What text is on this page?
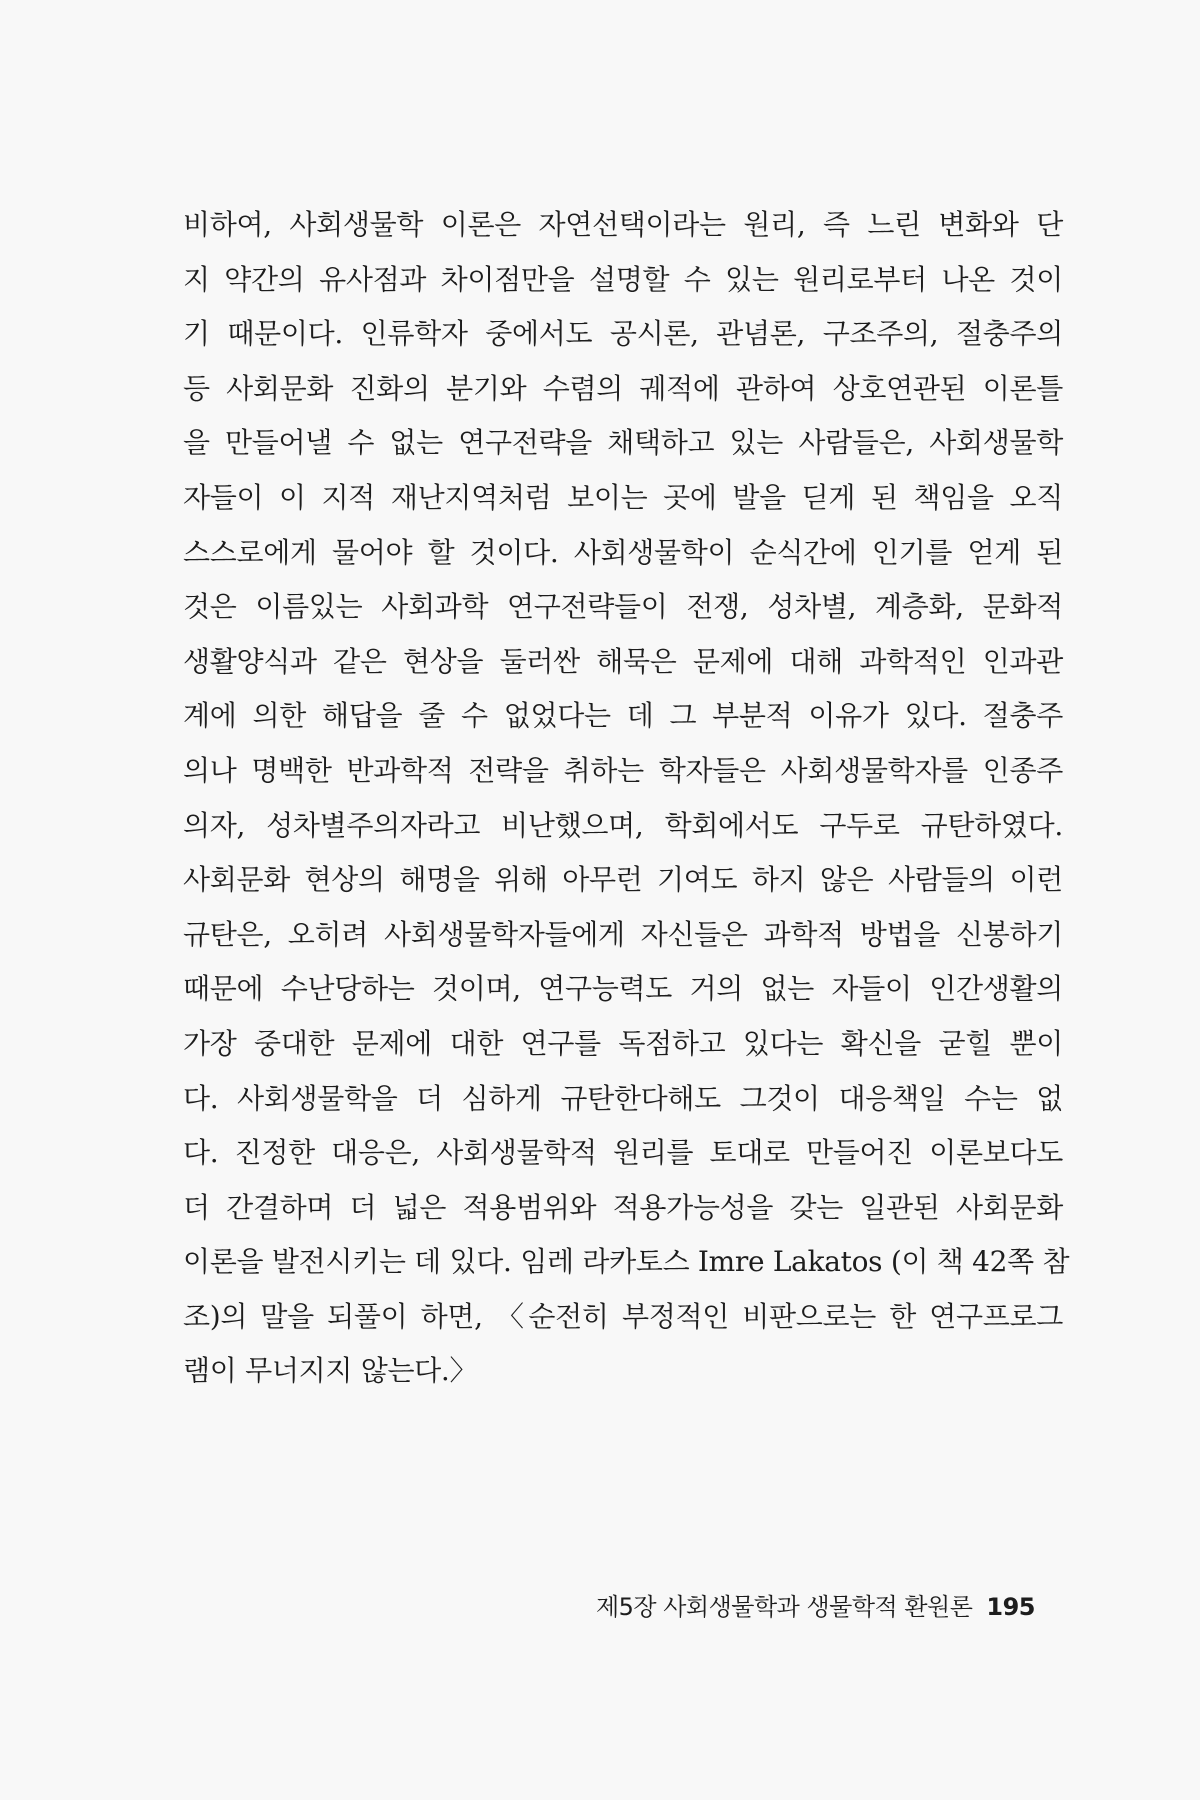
비하여, 사회생물학 이론은 자연선택이라는 원리, 즉 느린 변화와 단
지 약간의 유사점과 차이점만을 설명할 수 있는 원리로부터 나온 것이
기 때문이다. 인류학자 중에서도 공시론, 관념론, 구조주의, 절충주의
등 사회문화 진화의 분기와 수렴의 궤적에 관하여 상호연관된 이론틀
을 만들어낼 수 없는 연구전략을 채택하고 있는 사람들은, 사회생물학
자들이 이 지적 재난지역처럼 보이는 곳에 발을 딛게 된 책임을 오직
스스로에게 물어야 할 것이다. 사회생물학이 순식간에 인기를 얻게 된
것은 이름있는 사회과학 연구전략들이 전쟁, 성차별, 계층화, 문화적
생활양식과 같은 현상을 둘러싼 해묵은 문제에 대해 과학적인 인과관
계에 의한 해답을 줄 수 없었다는 데 그 부분적 이유가 있다. 절충주
의나 명백한 반과학적 전략을 취하는 학자들은 사회생물학자를 인종주
의자, 성차별주의자라고 비난했으며, 학회에서도 구두로 규탄하였다.
사회문화 현상의 해명을 위해 아무런 기여도 하지 않은 사람들의 이런
규탄은, 오히려 사회생물학자들에게 자신들은 과학적 방법을 신봉하기
때문에 수난당하는 것이며, 연구능력도 거의 없는 자들이 인간생활의
가장 중대한 문제에 대한 연구를 독점하고 있다는 확신을 굳힐 뿐이
다. 사회생물학을 더 심하게 규탄한다해도 그것이 대응책일 수는 없
다. 진정한 대응은, 사회생물학적 원리를 토대로 만들어진 이론보다도
더 간결하며 더 넓은 적용범위와 적용가능성을 갖는 일관된 사회문화
이론을 발전시키는 데 있다. 임레 라카토스 Imre Lakatos (이 책 42쪽 참
조)의 말을 되풀이 하면, 〈순전히 부정적인 비판으로는 한 연구프로그
램이 무너지지 않는다.〉
제5장 사회생물학과 생물학적 환원론 195
